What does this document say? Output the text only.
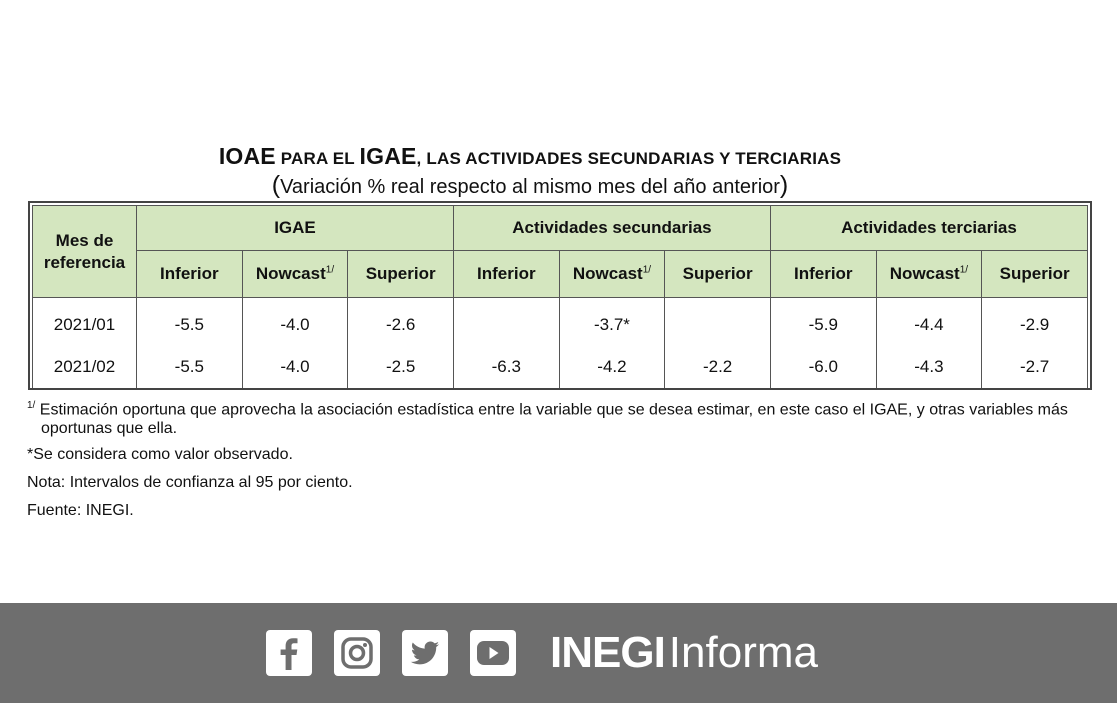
IOAE PARA EL IGAE, LAS ACTIVIDADES SECUNDARIAS Y TERCIARIAS
(Variación % real respecto al mismo mes del año anterior)
Mes de
referencia	IGAE			Actividades secundarias			Actividades terciarias		
	Inferior	Nowcast$^{1/}$	Superior	Inferior	Nowcast$^{1/}$	Superior	Inferior	Nowcast$^{1/}$	Superior
2021/01	-5.5	-4.0	-2.6		-3.7*		-5.9	-4.4	-2.9
2021/02	-5.5	-4.0	-2.5	-6.3	-4.2	-2.2	-6.0	-4.3	-2.7

$^{1/}$ Estimación oportuna que aprovecha la asociación estadística entre la variable que se desea estimar, en este caso el IGAE, y otras variables más oportunas que ella.

*Se considera como valor observado.

Nota: Intervalos de confianza al 95 por ciento.

Fuente: INEGI.

INEGIInforma
